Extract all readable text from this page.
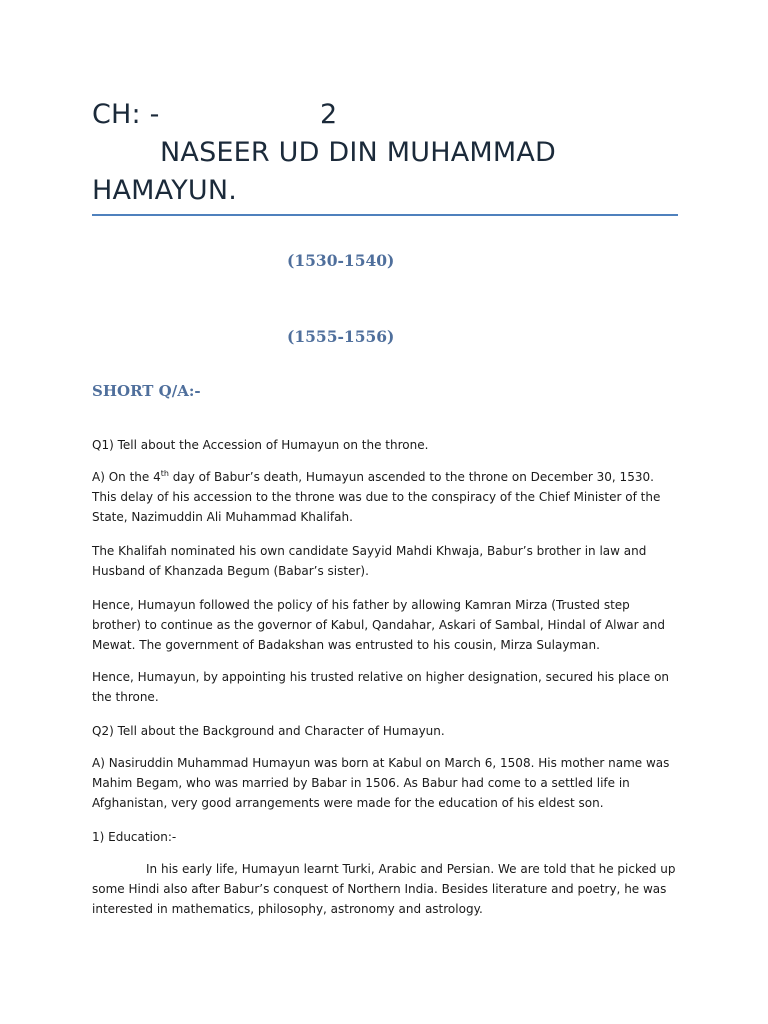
CH: -	2
NASEER UD DIN MUHAMMAD
HAMAYUN.
(1530-1540)
(1555-1556)
SHORT Q/A:-
Q1) Tell about the Accession of Humayun on the throne.
A) On the 4th day of Babur’s death, Humayun ascended to the throne on December 30, 1530. This delay of his accession to the throne was due to the conspiracy of the Chief Minister of the State, Nazimuddin Ali Muhammad Khalifah.
The Khalifah nominated his own candidate Sayyid Mahdi Khwaja, Babur’s brother in law and Husband of Khanzada Begum (Babar’s sister).
Hence, Humayun followed the policy of his father by allowing Kamran Mirza (Trusted step brother) to continue as the governor of Kabul, Qandahar, Askari of Sambal, Hindal of Alwar and Mewat. The government of Badakshan was entrusted to his cousin, Mirza Sulayman.
Hence, Humayun, by appointing his trusted relative on higher designation, secured his place on the throne.
Q2) Tell about the Background and Character of Humayun.
A) Nasiruddin Muhammad Humayun was born at Kabul on March 6, 1508. His mother name was Mahim Begam, who was married by Babar in 1506. As Babur had come to a settled life in Afghanistan, very good arrangements were made for the education of his eldest son.
1) Education:-
In his early life, Humayun learnt Turki, Arabic and Persian. We are told that he picked up some Hindi also after Babur’s conquest of Northern India. Besides literature and poetry, he was interested in mathematics, philosophy, astronomy and astrology.
